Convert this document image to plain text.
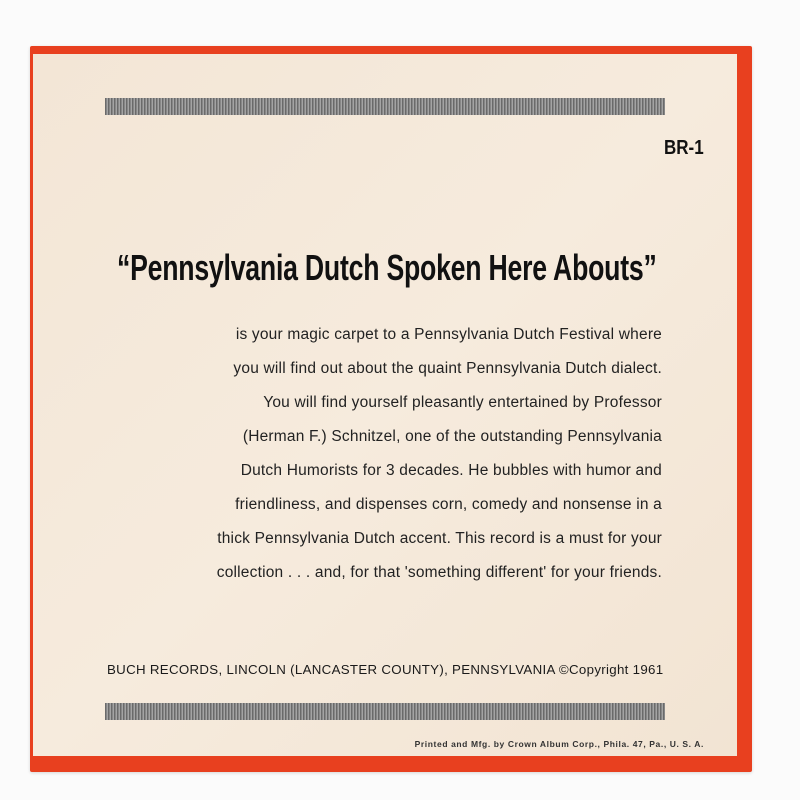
BR-1
“Pennsylvania Dutch Spoken Here Abouts”
is your magic carpet to a Pennsylvania Dutch Festival where
you will find out about the quaint Pennsylvania Dutch dialect.
You will find yourself pleasantly entertained by Professor
(Herman F.) Schnitzel, one of the outstanding Pennsylvania
Dutch Humorists for 3 decades. He bubbles with humor and
friendliness, and dispenses corn, comedy and nonsense in a
thick Pennsylvania Dutch accent. This record is a must for your
collection . . . and, for that 'something different' for your friends.
BUCH RECORDS, LINCOLN (LANCASTER COUNTY), PENNSYLVANIA ©Copyright 1961
Printed and Mfg. by Crown Album Corp., Phila. 47, Pa., U. S. A.
